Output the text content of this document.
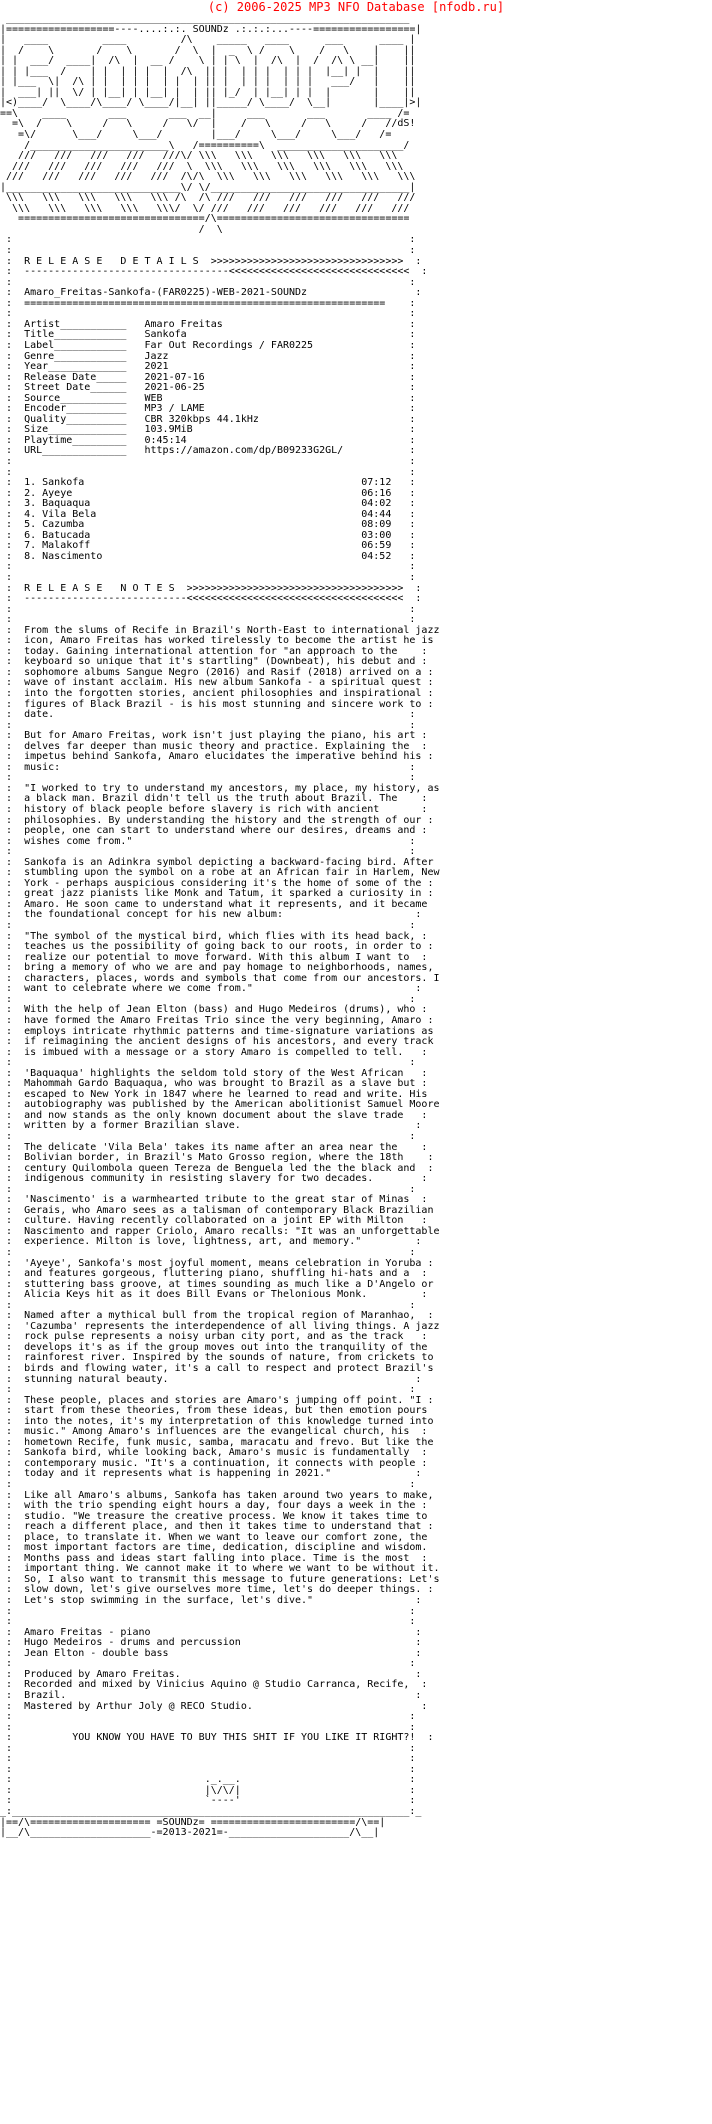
(c) 2006-2025 MP3 NFO Database [nfodb.ru]
___________________________________________________________________
|==================----....:.:. SOUNDz .:.:.:...----=================|
|   ____         ____         /\    _____   ____      ___      ____ |
|  /    \       /    \       /  \  |  _  \ /    \    /   \    |    ||
| |  ___/  ____|  /\  |  __ /    \ | | \  |  /\  |  /  /\ \ __|    ||
| | |___  /    | |  | | |  |  /\  || |  | | |  | | |  |__| |  |    ||
| |___  \|  /\ | |  | | |  | |  | || |  | | |  | | |   ___/   |    ||
|  ___| ||  \/ | |__| | |__| |  | || |_/  | |__| | |  |       |    ||
|<)____/  \____/\____/ \____/|__| ||_____/ \____/  \__|       |____|>|
==\    ____       ___       ___  __|     ___       ___       ____ /=
=\  /    \     /   \     /   \/  |    /   \     /   \     /   //dS!
=\/      \___/     \___/        |___/     \___/     \___/   /=
/_______________________\   /==========\  _____________________/
///   ///   ///   ///   ///\/ \\\   \\\   \\\   \\\   \\\   \\\
///   ///   ///   ///   ///  \  \\\   \\\   \\\   \\\   \\\   \\\
///   ///   ///   ///   ///  /\/\  \\\   \\\   \\\   \\\   \\\   \\\
|_____________________________\/ \/_________________________________|
\\\   \\\   \\\   \\\   \\\ /\  /\ ///   ///   ///   ///   ///   ///
\\\   \\\   \\\   \\\   \\\/  \/ ///   ///   ///   ///   ///   ///
===============================/\================================
/  \
:                                                                  :
:                                                                  :
:  R E L E A S E   D E T A I L S  >>>>>>>>>>>>>>>>>>>>>>>>>>>>>>>>  :
:  ----------------------------------<<<<<<<<<<<<<<<<<<<<<<<<<<<<<<  :
:                                                                  :
:  Amaro_Freitas-Sankofa-(FAR0225)-WEB-2021-SOUNDz                  :
:  ============================================================    :
:                                                                  :
:  Artist___________   Amaro Freitas                               :
:  Title____________   Sankofa                                     :
:  Label____________   Far Out Recordings / FAR0225                :
:  Genre____________   Jazz                                        :
:  Year_____________   2021                                        :
:  Release Date_____   2021-07-16                                  :
:  Street Date______   2021-06-25                                  :
:  Source___________   WEB                                         :
:  Encoder__________   MP3 / LAME                                  :
:  Quality__________   CBR 320kbps 44.1kHz                         :
:  Size_____________   103.9MiB                                    :
:  Playtime_________   0:45:14                                     :
:  URL______________   https://amazon.com/dp/B09233G2GL/           :
:                                                                  :
:                                                                  :
:  1. Sankofa                                              07:12   :
:  2. Ayeye                                                06:16   :
:  3. Baquaqua                                             04:02   :
:  4. Vila Bela                                            04:44   :
:  5. Cazumba                                              08:09   :
:  6. Batucada                                             03:00   :
:  7. Malakoff                                             06:59   :
:  8. Nascimento                                           04:52   :
:                                                                  :
:                                                                  :
:  R E L E A S E   N O T E S  >>>>>>>>>>>>>>>>>>>>>>>>>>>>>>>>>>>>  :
:  ---------------------------<<<<<<<<<<<<<<<<<<<<<<<<<<<<<<<<<<<<  :
:                                                                  :
:                                                                  :
:  From the slums of Recife in Brazil's North-East to international jazz
:  icon, Amaro Freitas has worked tirelessly to become the artist he is
:  today. Gaining international attention for "an approach to the    :
:  keyboard so unique that it's startling" (Downbeat), his debut and :
:  sophomore albums Sangue Negro (2016) and Rasif (2018) arrived on a :
:  wave of instant acclaim. His new album Sankofa - a spiritual quest :
:  into the forgotten stories, ancient philosophies and inspirational :
:  figures of Black Brazil - is his most stunning and sincere work to :
:  date.                                                           :
:                                                                  :
:  But for Amaro Freitas, work isn't just playing the piano, his art :
:  delves far deeper than music theory and practice. Explaining the  :
:  impetus behind Sankofa, Amaro elucidates the imperative behind his :
:  music:                                                          :
:                                                                  :
:  "I worked to try to understand my ancestors, my place, my history, as
:  a black man. Brazil didn't tell us the truth about Brazil. The    :
:  history of black people before slavery is rich with ancient       :
:  philosophies. By understanding the history and the strength of our :
:  people, one can start to understand where our desires, dreams and :
:  wishes come from."                                              :
:                                                                  :
:  Sankofa is an Adinkra symbol depicting a backward-facing bird. After
:  stumbling upon the symbol on a robe at an African fair in Harlem, New
:  York - perhaps auspicious considering it's the home of some of the :
:  great jazz pianists like Monk and Tatum, it sparked a curiosity in :
:  Amaro. He soon came to understand what it represents, and it became
:  the foundational concept for his new album:                      :
:                                                                  :
:  "The symbol of the mystical bird, which flies with its head back, :
:  teaches us the possibility of going back to our roots, in order to :
:  realize our potential to move forward. With this album I want to  :
:  bring a memory of who we are and pay homage to neighborhoods, names,
:  characters, places, words and symbols that come from our ancestors. I
:  want to celebrate where we come from."                           :
:                                                                  :
:  With the help of Jean Elton (bass) and Hugo Medeiros (drums), who :
:  have formed the Amaro Freitas Trio since the very beginning, Amaro :
:  employs intricate rhythmic patterns and time-signature variations as
:  if reimagining the ancient designs of his ancestors, and every track
:  is imbued with a message or a story Amaro is compelled to tell.   :
:                                                                  :
:  'Baquaqua' highlights the seldom told story of the West African   :
:  Mahommah Gardo Baquaqua, who was brought to Brazil as a slave but :
:  escaped to New York in 1847 where he learned to read and write. His
:  autobiography was published by the American abolitionist Samuel Moore
:  and now stands as the only known document about the slave trade   :
:  written by a former Brazilian slave.                             :
:                                                                  :
:  The delicate 'Vila Bela' takes its name after an area near the    :
:  Bolivian border, in Brazil's Mato Grosso region, where the 18th    :
:  century Quilombola queen Tereza de Benguela led the the black and  :
:  indigenous community in resisting slavery for two decades.        :
:                                                                  :
:  'Nascimento' is a warmhearted tribute to the great star of Minas  :
:  Gerais, who Amaro sees as a talisman of contemporary Black Brazilian
:  culture. Having recently collaborated on a joint EP with Milton   :
:  Nascimento and rapper Criolo, Amaro recalls: "It was an unforgettable
:  experience. Milton is love, lightness, art, and memory."         :
:                                                                  :
:  'Ayeye', Sankofa's most joyful moment, means celebration in Yoruba :
:  and features gorgeous, fluttering piano, shuffling hi-hats and a  :
:  stuttering bass groove, at times sounding as much like a D'Angelo or
:  Alicia Keys hit as it does Bill Evans or Thelonious Monk.         :
:                                                                  :
:  Named after a mythical bull from the tropical region of Maranhao,  :
:  'Cazumba' represents the interdependence of all living things. A jazz
:  rock pulse represents a noisy urban city port, and as the track   :
:  develops it's as if the group moves out into the tranquility of the
:  rainforest river. Inspired by the sounds of nature, from crickets to
:  birds and flowing water, it's a call to respect and protect Brazil's
:  stunning natural beauty.                                         :
:                                                                  :
:  These people, places and stories are Amaro's jumping off point. "I :
:  start from these theories, from these ideas, but then emotion pours
:  into the notes, it's my interpretation of this knowledge turned into
:  music." Among Amaro's influences are the evangelical church, his  :
:  hometown Recife, funk music, samba, maracatu and frevo. But like the
:  Sankofa bird, while looking back, Amaro's music is fundamentally  :
:  contemporary music. "It's a continuation, it connects with people :
:  today and it represents what is happening in 2021."              :
:                                                                  :
:  Like all Amaro's albums, Sankofa has taken around two years to make,
:  with the trio spending eight hours a day, four days a week in the :
:  studio. "We treasure the creative process. We know it takes time to
:  reach a different place, and then it takes time to understand that :
:  place, to translate it. When we want to leave our comfort zone, the
:  most important factors are time, dedication, discipline and wisdom.
:  Months pass and ideas start falling into place. Time is the most  :
:  important thing. We cannot make it to where we want to be without it.
:  So, I also want to transmit this message to future generations: Let's
:  slow down, let's give ourselves more time, let's do deeper things. :
:  Let's stop swimming in the surface, let's dive."                 :
:                                                                  :
:                                                                  :
:  Amaro Freitas - piano                                            :
:  Hugo Medeiros - drums and percussion                             :
:  Jean Elton - double bass                                         :
:                                                                  :
:  Produced by Amaro Freitas.                                       :
:  Recorded and mixed by Vinicius Aquino @ Studio Carranca, Recife,  :
:  Brazil.                                                          :
:  Mastered by Arthur Joly @ RECO Studio.                            :
:                                                                  :
:                                                                  :
:          YOU KNOW YOU HAVE TO BUY THIS SHIT IF YOU LIKE IT RIGHT?!  :
:                                                                  :
:                                                                  :
:                                                                  :
:                                ._.__.                            :
:                                |\/\/|                            :
:                                `----'                            :
_:__________________________________________________________________:_
|==/\==================== =SOUNDz= ========================/\==|
|__/\____________________-=2013-2021=-____________________/\__|
